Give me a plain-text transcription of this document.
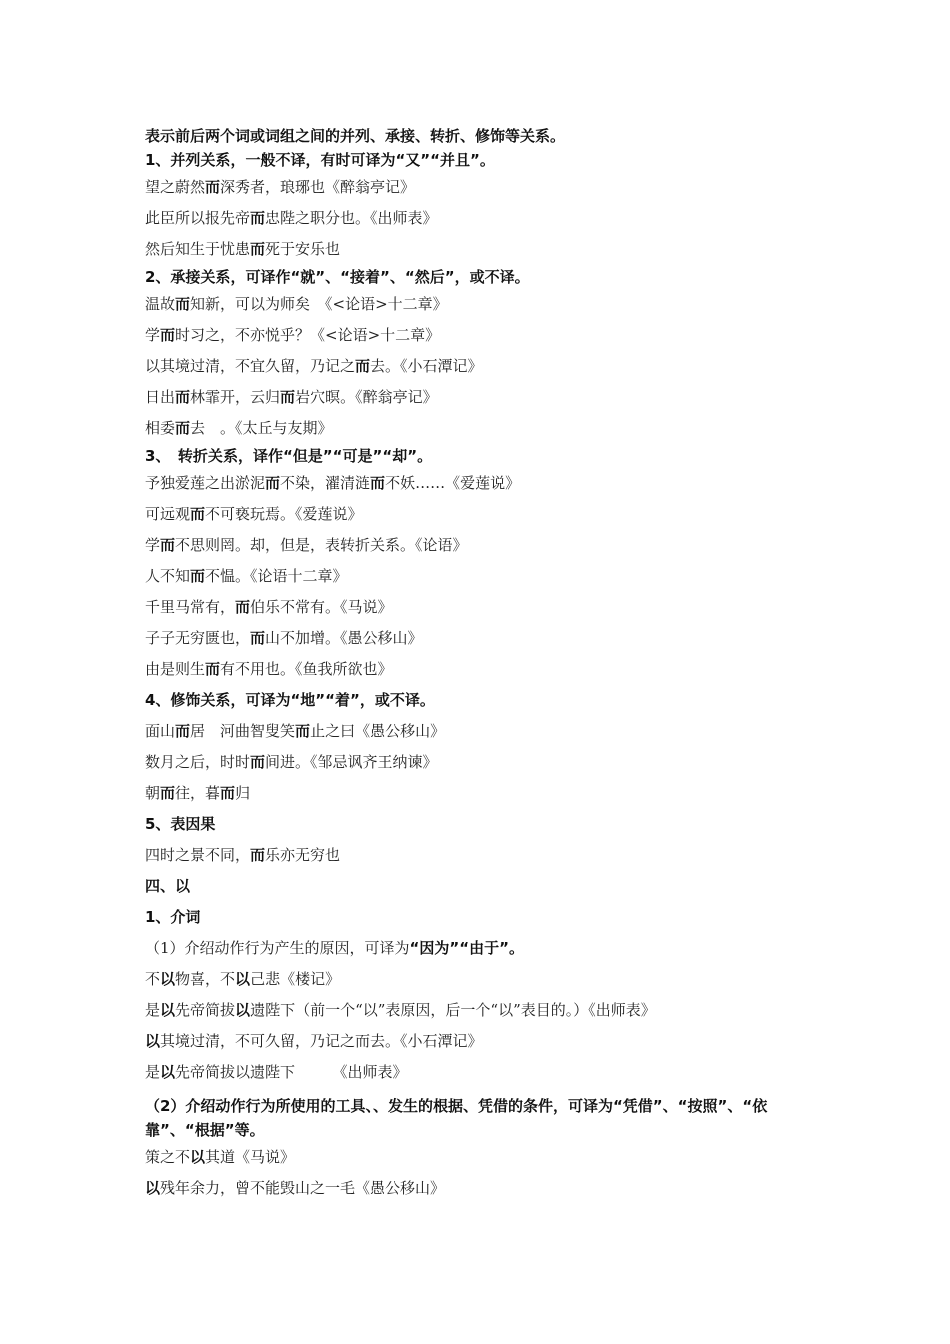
表示前后两个词或词组之间的并列、承接、转折、修饰等关系。
1、并列关系，一般不译，有时可译为“又”“并且”。
望之蔚然而深秀者，琅琊也《醉翁亭记》
此臣所以报先帝而忠陛之职分也。《出师表》
然后知生于忧患而死于安乐也
2、承接关系，可译作“就”、“接着”、“然后”，或不译。
温故而知新，可以为师矣　《<论语>十二章》
学而时习之，不亦悦乎？《<论语>十二章》
以其境过清，不宜久留，乃记之而去。《小石潭记》
日出而林霏开，云归而岩穴暝。《醉翁亭记》
相委而去　。《太丘与友期》
3、　转折关系，译作“但是”“可是”“却”。
予独爱莲之出淤泥而不染，濯清涟而不妖……《爱莲说》
可远观而不可亵玩焉。《爱莲说》
学而不思则罔。却，但是，表转折关系。《论语》
人不知而不愠。《论语十二章》
千里马常有，而伯乐不常有。《马说》
子子无穷匮也，而山不加增。《愚公移山》
由是则生而有不用也。《鱼我所欲也》
4、修饰关系，可译为“地”“着”，或不译。
面山而居　河曲智叟笑而止之曰《愚公移山》
数月之后，时时而间进。《邹忌讽齐王纳谏》
朝而往，暮而归
5、表因果
四时之景不同，而乐亦无穷也
四、以
1、介词
（1）介绍动作行为产生的原因，可译为“因为”“由于”。
不以物喜，不以己悲《楼记》
是以先帝简拔以遗陛下（前一个“以”表原因，后一个“以”表目的。）《出师表》
以其境过清，不可久留，乃记之而去。《小石潭记》
是以先帝简拔以遗陛下　　　《出师表》
（2）介绍动作行为所使用的工具、、发生的根据、凭借的条件，可译为“凭借”、“按照”、“依靠”、“根据”等。
策之不以其道《马说》
以残年余力，曾不能毁山之一毛《愚公移山》
